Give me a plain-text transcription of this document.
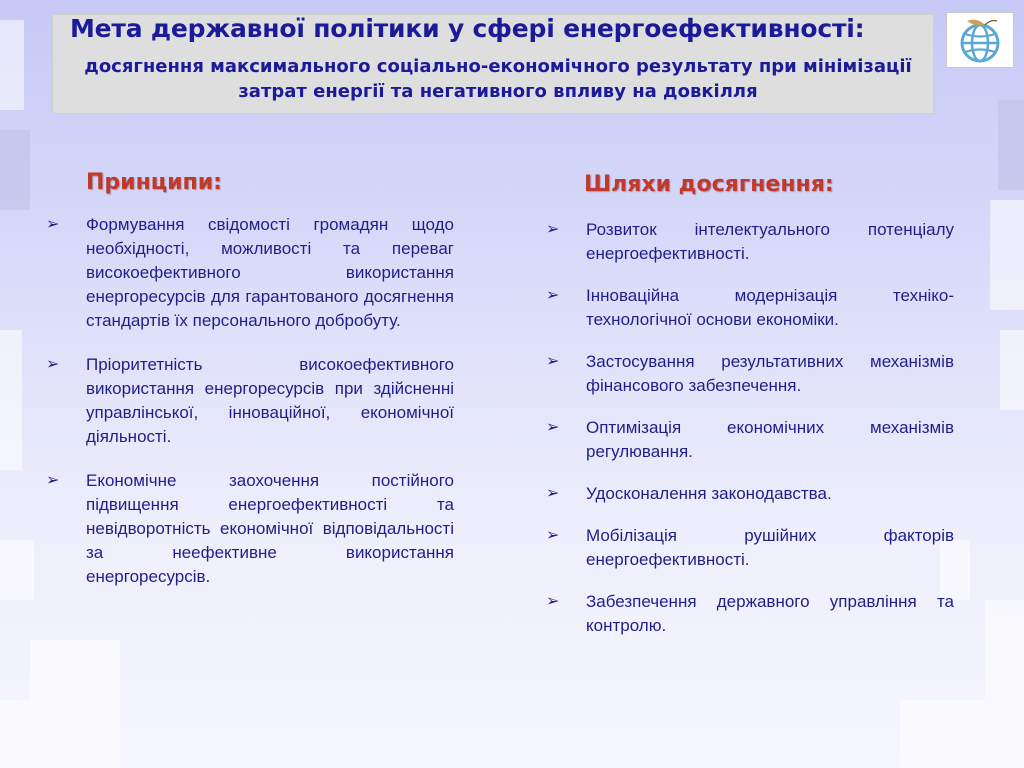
Мета державної політики у сфері енергоефективності:

досягнення максимального соціально-економічного результату при мінімізації затрат енергії та негативного впливу на довкілля

Принципи:
➢ Формування свідомості громадян щодо необхідності, можливості та переваг високоефективного використання енергоресурсів для гарантованого досягнення стандартів їх персонального добробуту.
➢ Пріоритетність високоефективного використання енергоресурсів при здійсненні управлінської, інноваційної, економічної діяльності.
➢ Економічне заохочення постійного підвищення енергоефективності та невідворотність економічної відповідальності за неефективне використання енергоресурсів.
Шляхи досягнення:
➢ Розвиток інтелектуального потенціалу енергоефективності.
➢ Інноваційна модернізація техніко-технологічної основи економіки.
➢ Застосування результативних механізмів фінансового забезпечення.
➢ Оптимізація економічних механізмів регулювання.
➢ Удосконалення законодавства.
➢ Мобілізація рушійних факторів енергоефективності.
➢ Забезпечення державного управління та контролю.
